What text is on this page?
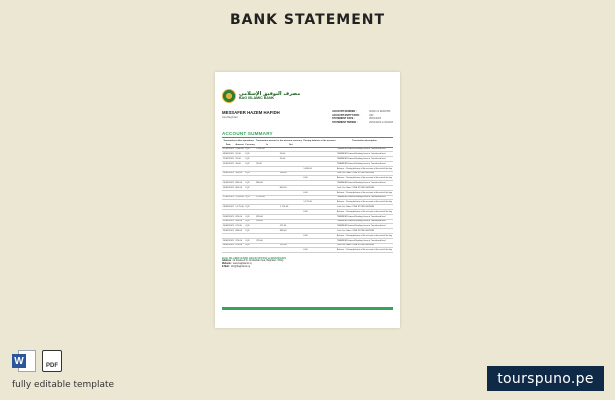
BANK STATEMENT
مصرف التوفيق الإسلامي
BAG ISLAMIC BANK
MESSAFER HAZEM HAFIDH
Iraq Baghdad
ACCOUNT NUMBER :	00100 21 92200786
ACCOUNT ENTITY/FOR :	IQD
STATEMENT DATE :	29/01/2023
STATEMENT PERIOD :	29/01/2023 to 02/2023
ACCOUNT SUMMARY
Transactions after operations			Transaction amount in the account currency		Closing balance of the account	Transaction description
Date	Amount	Currency	In	Out		
07/03/2023	1,500.00	IQD	1,500.00			TRANSFER Internal Banking Issue to Transferred fund
08/03/2023	20.00	IQD		20.00		TRANSFER Internal Banking Issue to Transferred fund
12/03/2023	25.00	IQD		25.00		TRANSFER Internal Banking Issue to Transferred fund
13/03/2023	35.00	IQD	35.00			TRANSFER Internal Banking Issue to Transferred fund
					1,490.00	Balance - Closing balance of the account at the end of the day
14/03/2023	100.00	IQD		100.00		Cash Out Order CONE STORE 00029689
					0.00	Balance - Closing balance of the account at the end of the day
14/03/2023	890.00	IQD	890.00			TRANSFER Internal Banking Issue to Transferred fund
16/03/2023	800.00	IQD		800.00		Cash Out Order CONE STORE 00029689
					0.00	Balance - Closing balance of the account at the end of the day
17/03/2023	1,165.00	IQD	1,165.00			TRANSFER Internal Banking Issue to Transferred fund
					1,175.00	Balance - Closing balance of the account at the end of the day
18/03/2023	1,175.00	IQD		1,175.00		Cash Out Order CONE STORE 00029689
					0.00	Balance - Closing balance of the account at the end of the day
20/03/2023	825.00	IQD	825.00			TRANSFER Internal Banking Issue to Transferred fund
21/03/2023	285.00	IQD	285.00			TRANSFER Internal Banking Issue to Transferred fund
24/03/2023	211.00	IQD		211.00		TRANSFER Internal Banking Issue to Transferred fund
25/03/2023	899.00	IQD		899.00		Cash Out Order CONE STORE 00029689
					0.00	Balance - Closing balance of the account at the end of the day
26/03/2023	225.00	IQD	225.00			TRANSFER Internal Banking Issue to Transferred fund
28/03/2023	225.00	IQD		225.00		Cash Out Order CONE STORE 00029689
					0.00	Balance - Closing balance of the account at the end of the day
BAG ISLAMIC BANK HEAD OFFICE & BRANCHES
Address : Al Rasheed St. Al Masbah Area, Baghdad - IRAQ
Website : www.bagislamic.iq
E-Mail : info@bagislamic.iq
W	PDF
fully editable template	tourspuno.pe
